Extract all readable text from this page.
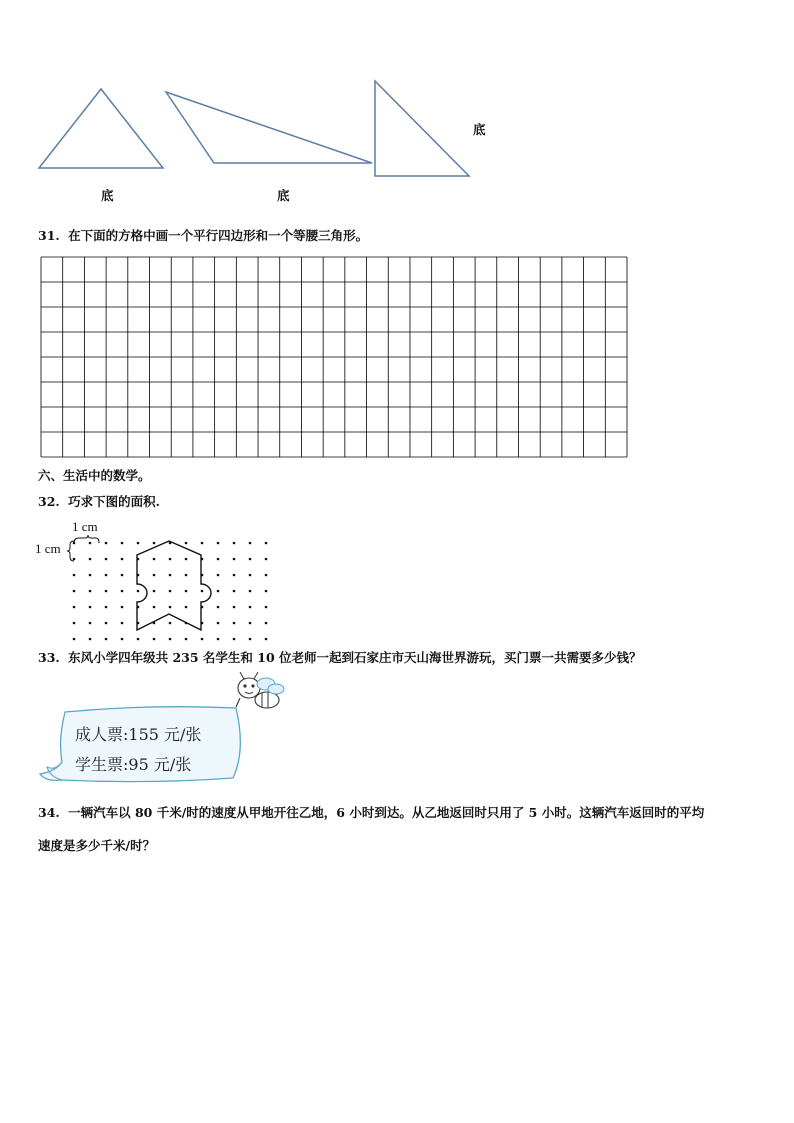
底	底
底
31. 在下面的方格中画一个平行四边形和一个等腰三角形。
六、生活中的数学。
32. 巧求下图的面积.
1 cm
1 cm
33. 东风小学四年级共 235 名学生和 10 位老师一起到石家庄市天山海世界游玩，买门票一共需要多少钱？
成人票:155 元/张
学生票:95 元/张
34. 一辆汽车以 80 千米/时的速度从甲地开往乙地，6 小时到达。从乙地返回时只用了 5 小时。这辆汽车返回时的平均
速度是多少千米/时？
